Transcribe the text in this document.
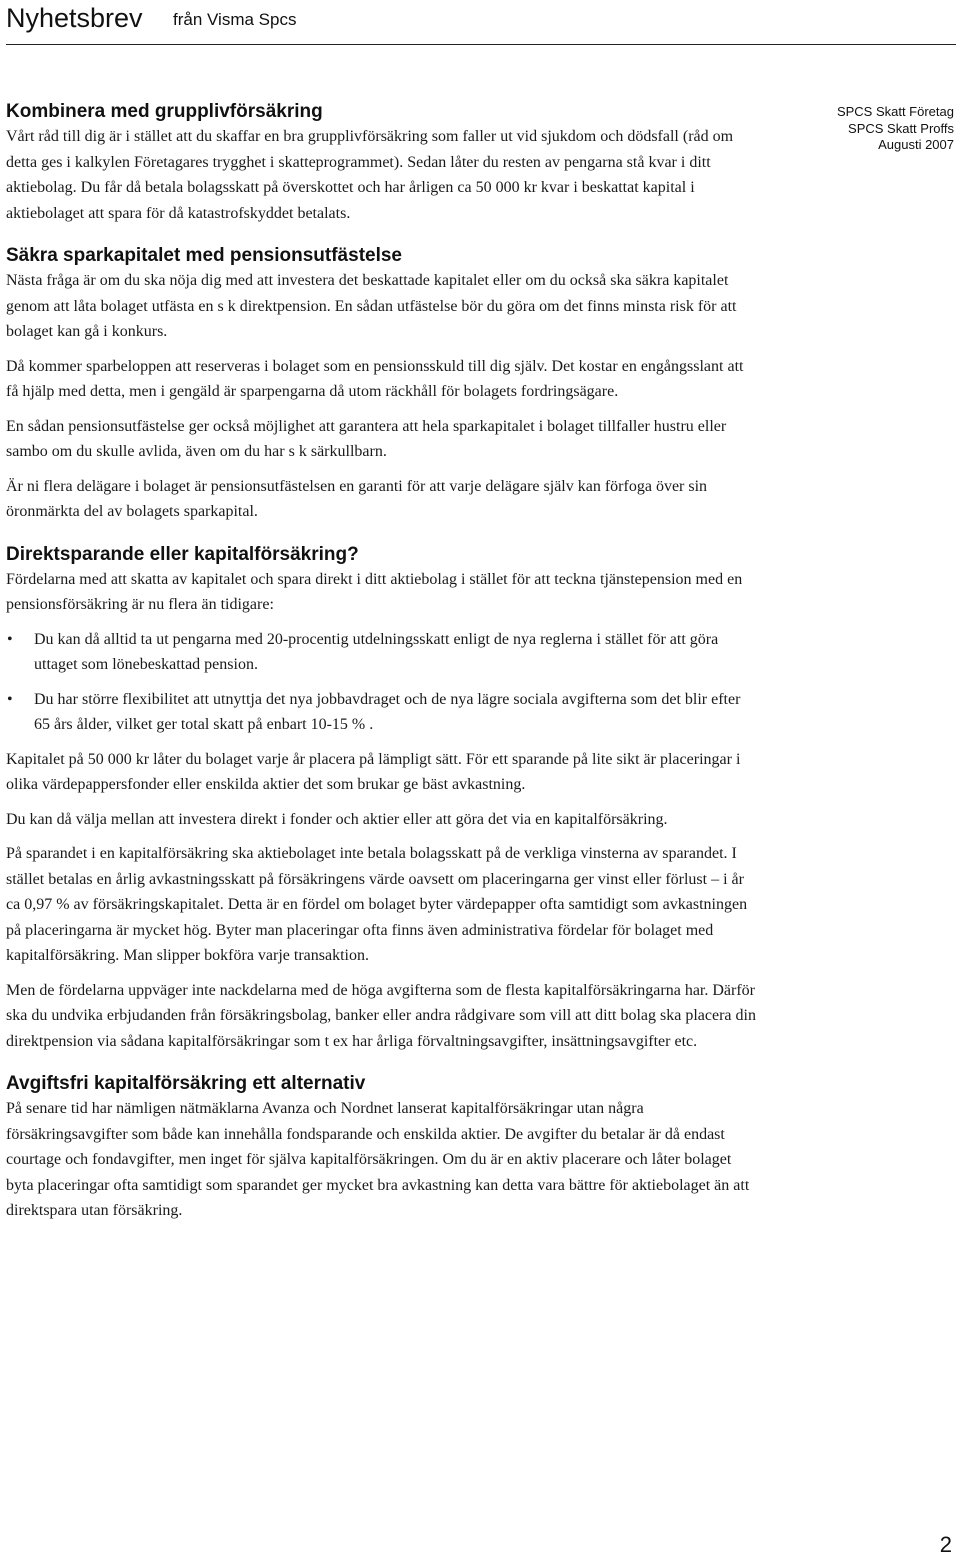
Nyhetsbrev från Visma Spcs
SPCS Skatt Företag
SPCS Skatt Proffs
Augusti 2007
Kombinera med grupplivförsäkring

Vårt råd till dig är i stället att du skaffar en bra grupplivförsäkring som faller ut vid sjukdom och dödsfall (råd om detta ges i kalkylen Företagares trygghet i skatteprogrammet). Sedan låter du resten av pengarna stå kvar i ditt aktiebolag. Du får då betala bolagsskatt på överskottet och har årligen ca 50 000 kr kvar i beskattat kapital i aktiebolaget att spara för då katastrofskyddet betalats.

Säkra sparkapitalet med pensionsutfästelse

Nästa fråga är om du ska nöja dig med att investera det beskattade kapitalet eller om du också ska säkra kapitalet genom att låta bolaget utfästa en s k direktpension. En sådan utfästelse bör du göra om det finns minsta risk för att bolaget kan gå i konkurs.

Då kommer sparbeloppen att reserveras i bolaget som en pensionsskuld till dig själv. Det kostar en engångsslant att få hjälp med detta, men i gengäld är sparpengarna då utom räckhåll för bolagets fordringsägare.

En sådan pensionsutfästelse ger också möjlighet att garantera att hela sparkapitalet i bolaget tillfaller hustru eller sambo om du skulle avlida, även om du har s k särkullbarn.

Är ni flera delägare i bolaget är pensionsutfästelsen en garanti för att varje delägare själv kan förfoga över sin öronmärkta del av bolagets sparkapital.

Direktsparande eller kapitalförsäkring?

Fördelarna med att skatta av kapitalet och spara direkt i ditt aktiebolag i stället för att teckna tjänstepension med en pensionsförsäkring är nu flera än tidigare:

• Du kan då alltid ta ut pengarna med 20-procentig utdelningsskatt enligt de nya reglerna i stället för att göra uttaget som lönebeskattad pension.
• Du har större flexibilitet att utnyttja det nya jobbavdraget och de nya lägre sociala avgifterna som det blir efter 65 års ålder, vilket ger total skatt på enbart 10-15 % .

Kapitalet på 50 000 kr låter du bolaget varje år placera på lämpligt sätt. För ett sparande på lite sikt är placeringar i olika värdepappersfonder eller enskilda aktier det som brukar ge bäst avkastning.

Du kan då välja mellan att investera direkt i fonder och aktier eller att göra det via en kapitalförsäkring.

På sparandet i en kapitalförsäkring ska aktiebolaget inte betala bolagsskatt på de verkliga vinsterna av sparandet. I stället betalas en årlig avkastningsskatt på försäkringens värde oavsett om placeringarna ger vinst eller förlust – i år ca 0,97 % av försäkringskapitalet. Detta är en fördel om bolaget byter värdepapper ofta samtidigt som avkastningen på placeringarna är mycket hög. Byter man placeringar ofta finns även administrativa fördelar för bolaget med kapitalförsäkring. Man slipper bokföra varje transaktion.

Men de fördelarna uppväger inte nackdelarna med de höga avgifterna som de flesta kapitalförsäkringarna har. Därför ska du undvika erbjudanden från försäkringsbolag, banker eller andra rådgivare som vill att ditt bolag ska placera din direktpension via sådana kapitalförsäkringar som t ex har årliga förvaltningsavgifter, insättningsavgifter etc.

Avgiftsfri kapitalförsäkring ett alternativ

På senare tid har nämligen nätmäklarna Avanza och Nordnet lanserat kapitalförsäkringar utan några försäkringsavgifter som både kan innehålla fondsparande och enskilda aktier. De avgifter du betalar är då endast courtage och fondavgifter, men inget för själva kapitalförsäkringen. Om du är en aktiv placerare och låter bolaget byta placeringar ofta samtidigt som sparandet ger mycket bra avkastning kan detta vara bättre för aktiebolaget än att direktspara utan försäkring.

2
